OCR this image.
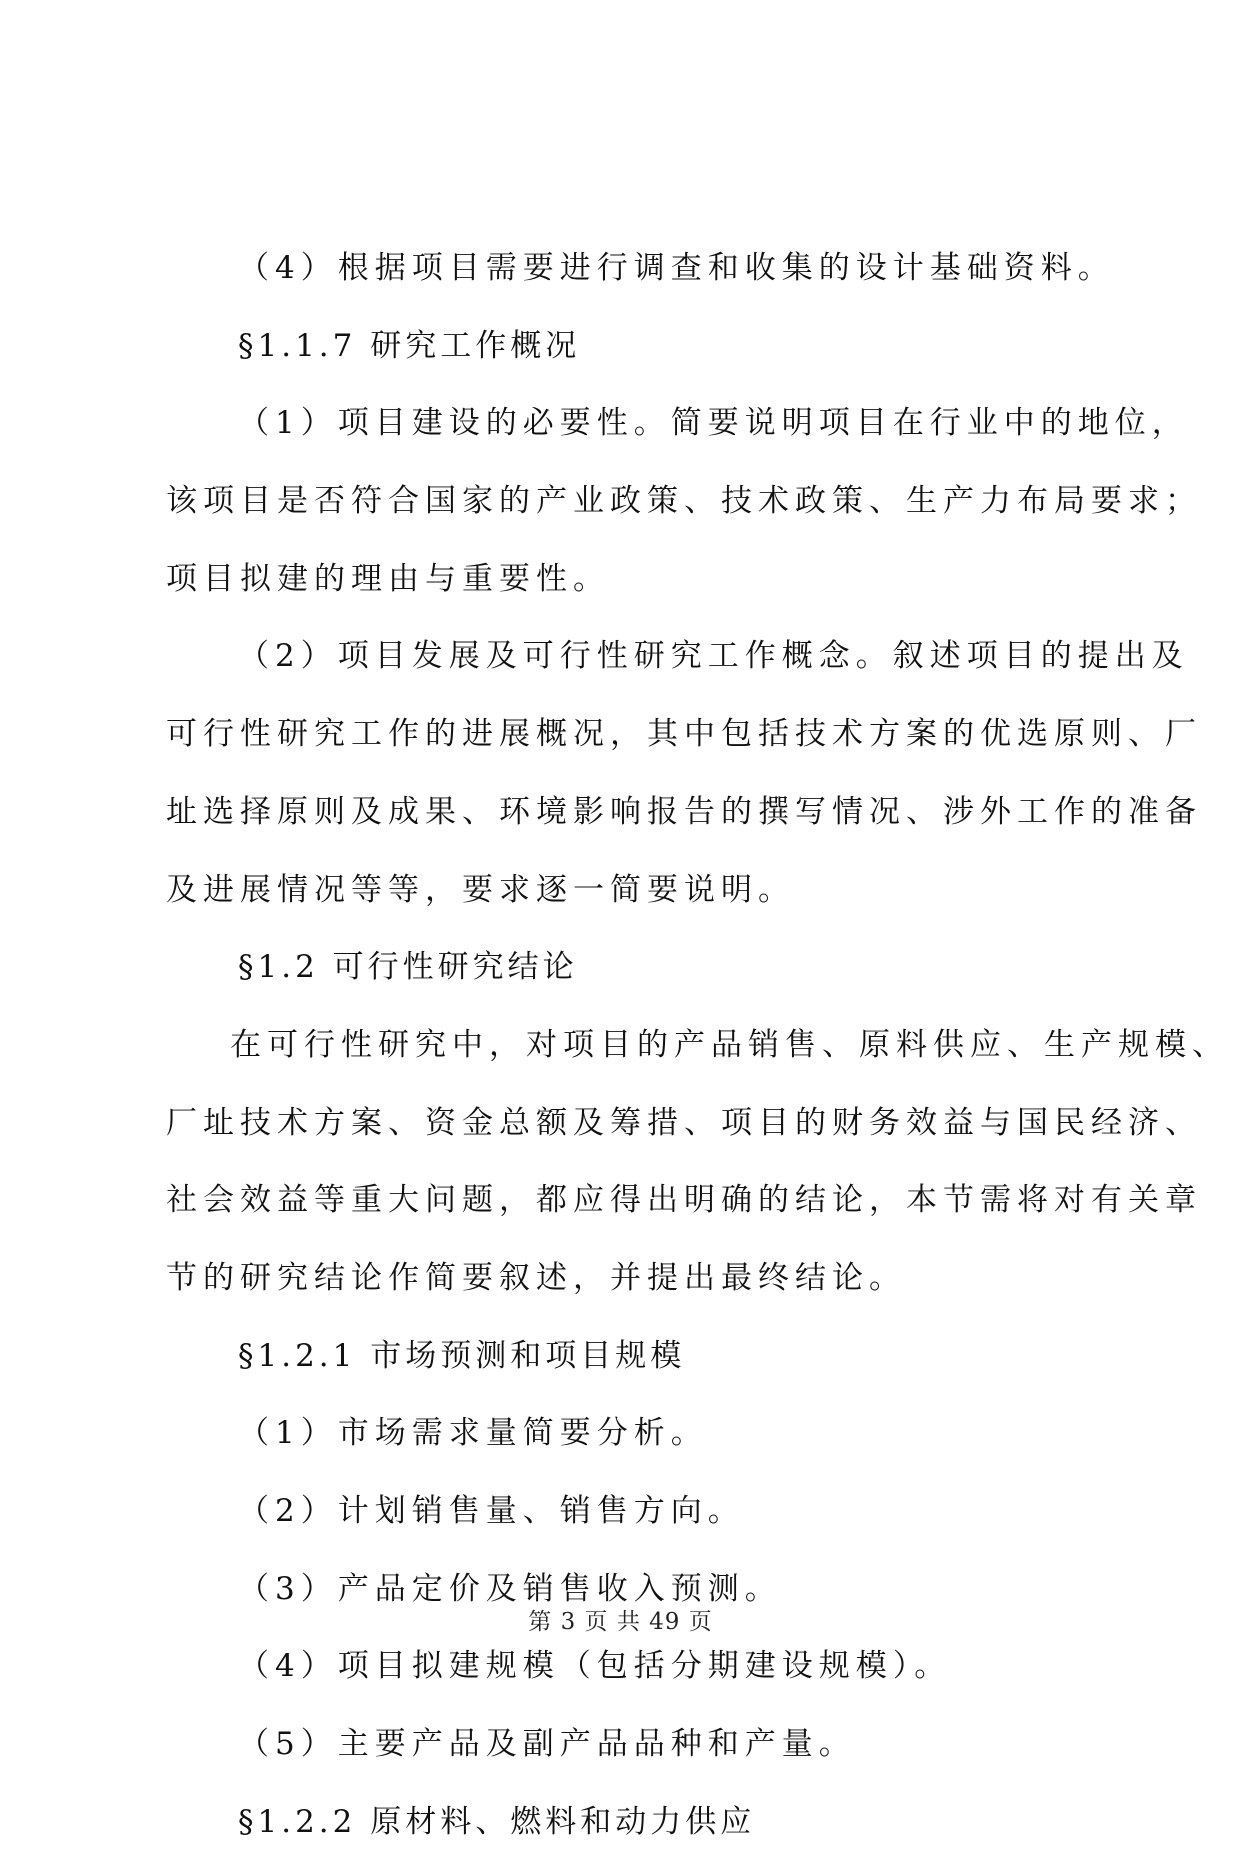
（4）根据项目需要进行调查和收集的设计基础资料。
§1.1.7 研究工作概况
（1）项目建设的必要性。简要说明项目在行业中的地位，
该项目是否符合国家的产业政策、技术政策、生产力布局要求；
项目拟建的理由与重要性。
（2）项目发展及可行性研究工作概念。叙述项目的提出及
可行性研究工作的进展概况，其中包括技术方案的优选原则、厂
址选择原则及成果、环境影响报告的撰写情况、涉外工作的准备
及进展情况等等，要求逐一简要说明。
§1.2 可行性研究结论
在可行性研究中，对项目的产品销售、原料供应、生产规模、
厂址技术方案、资金总额及筹措、项目的财务效益与国民经济、
社会效益等重大问题，都应得出明确的结论，本节需将对有关章
节的研究结论作简要叙述，并提出最终结论。
§1.2.1 市场预测和项目规模
（1）市场需求量简要分析。
（2）计划销售量、销售方向。
（3）产品定价及销售收入预测。
（4）项目拟建规模（包括分期建设规模）。
（5）主要产品及副产品品种和产量。
§1.2.2 原材料、燃料和动力供应
第 3 页 共 49 页
